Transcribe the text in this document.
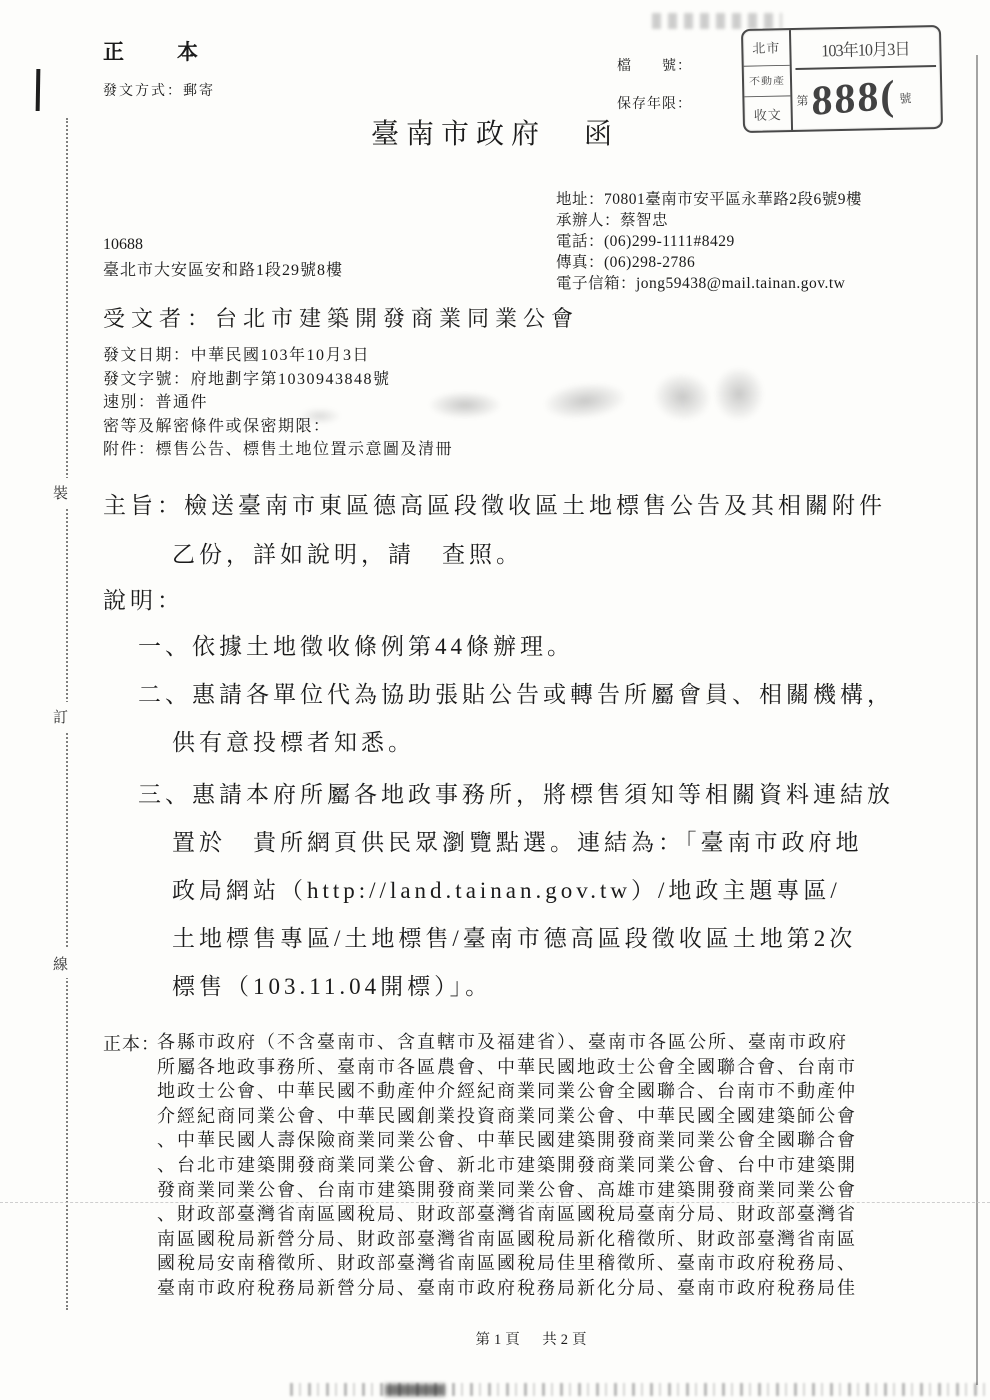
正　本
發文方式：郵寄
檔　　號：
保存年限：
臺南市政府 函
北市
不動產
收文
103年10月3日
第 888( 號
地址：70801臺南市安平區永華路2段6號9樓
承辦人：蔡智忠
電話：(06)299-1111#8429
傳真：(06)298-2786
電子信箱：jong59438@mail.tainan.gov.tw
10688
臺北市大安區安和路1段29號8樓
受文者：台北市建築開發商業同業公會
發文日期：中華民國103年10月3日
發文字號：府地劃字第1030943848號
速別：普通件
密等及解密條件或保密期限：
附件：標售公告、標售土地位置示意圖及清冊
主旨：檢送臺南市東區德高區段徵收區土地標售公告及其相關附件
乙份，詳如說明，請　查照。
說明：
一、依據土地徵收條例第44條辦理。
二、惠請各單位代為協助張貼公告或轉告所屬會員、相關機構，
供有意投標者知悉。
三、惠請本府所屬各地政事務所，將標售須知等相關資料連結放
置於　貴所網頁供民眾瀏覽點選。連結為：「臺南市政府地
政局網站（http://land.tainan.gov.tw）/地政主題專區/
土地標售專區/土地標售/臺南市德高區段徵收區土地第2次
標售（103.11.04開標）」。
正本：
各縣市政府（不含臺南市、含直轄市及福建省）、臺南市各區公所、臺南市政府
所屬各地政事務所、臺南市各區農會、中華民國地政士公會全國聯合會、台南市
地政士公會、中華民國不動產仲介經紀商業同業公會全國聯合、台南市不動產仲
介經紀商同業公會、中華民國創業投資商業同業公會、中華民國全國建築師公會
、中華民國人壽保險商業同業公會、中華民國建築開發商業同業公會全國聯合會
、台北市建築開發商業同業公會、新北市建築開發商業同業公會、台中市建築開
發商業同業公會、台南市建築開發商業同業公會、高雄市建築開發商業同業公會
、財政部臺灣省南區國稅局、財政部臺灣省南區國稅局臺南分局、財政部臺灣省
南區國稅局新營分局、財政部臺灣省南區國稅局新化稽徵所、財政部臺灣省南區
國稅局安南稽徵所、財政部臺灣省南區國稅局佳里稽徵所、臺南市政府稅務局、
臺南市政府稅務局新營分局、臺南市政府稅務局新化分局、臺南市政府稅務局佳
第1頁　共2頁
裝
訂
線
